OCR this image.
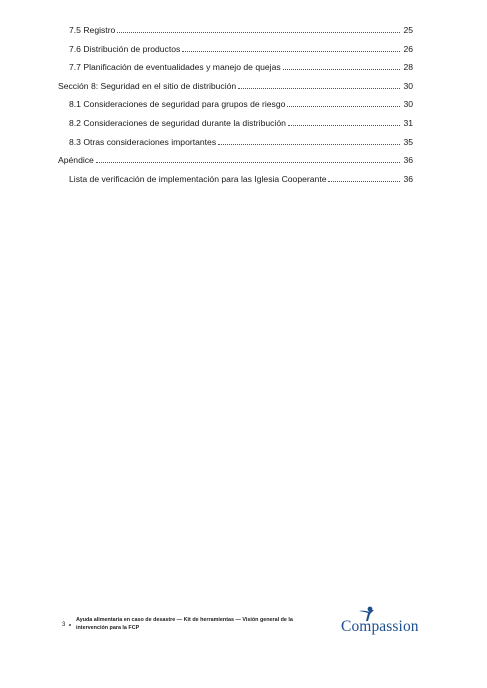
7.5 Registro	25
7.6 Distribución de productos	26
7.7 Planificación de eventualidades y manejo de quejas	28
Sección 8: Seguridad en el sitio de distribución	30
8.1 Consideraciones de seguridad para grupos de riesgo	30
8.2 Consideraciones de seguridad durante la distribución	31
8.3 Otras consideraciones importantes	35
Apéndice	36
Lista de verificación de implementación para las Iglesia Cooperante	36
3
Ayuda alimentaria en caso de desastre — Kit de herramientas — Visión general de la intervención para la FCP	Compassion
